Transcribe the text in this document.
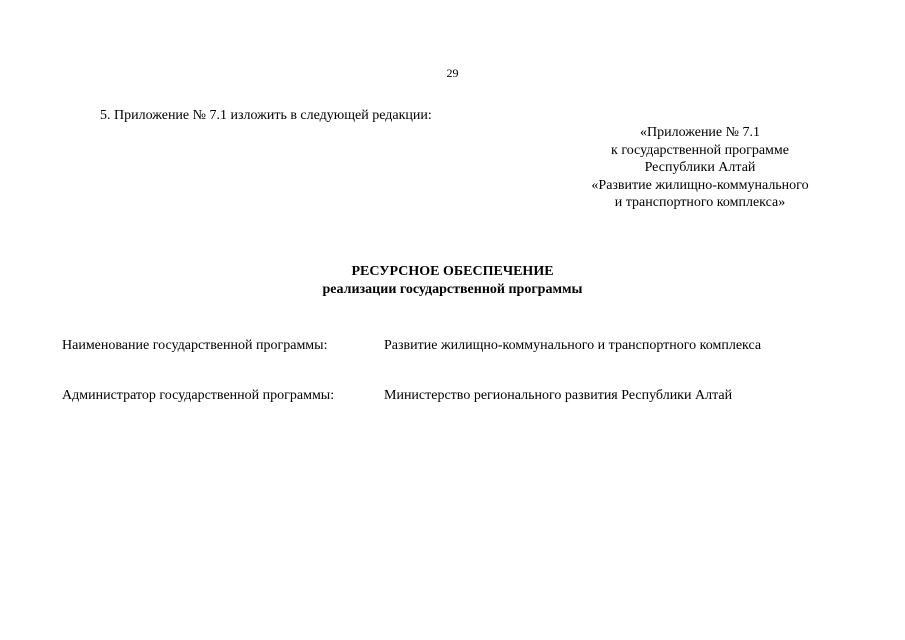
29
5. Приложение № 7.1 изложить в следующей редакции:
«Приложение № 7.1
к государственной программе
Республики Алтай
«Развитие жилищно-коммунального
и транспортного комплекса»
РЕСУРСНОЕ ОБЕСПЕЧЕНИЕ
реализации государственной программы
Наименование государственной программы:	Развитие жилищно-коммунального и транспортного комплекса
Администратор государственной программы:	Министерство регионального развития Республики Алтай
